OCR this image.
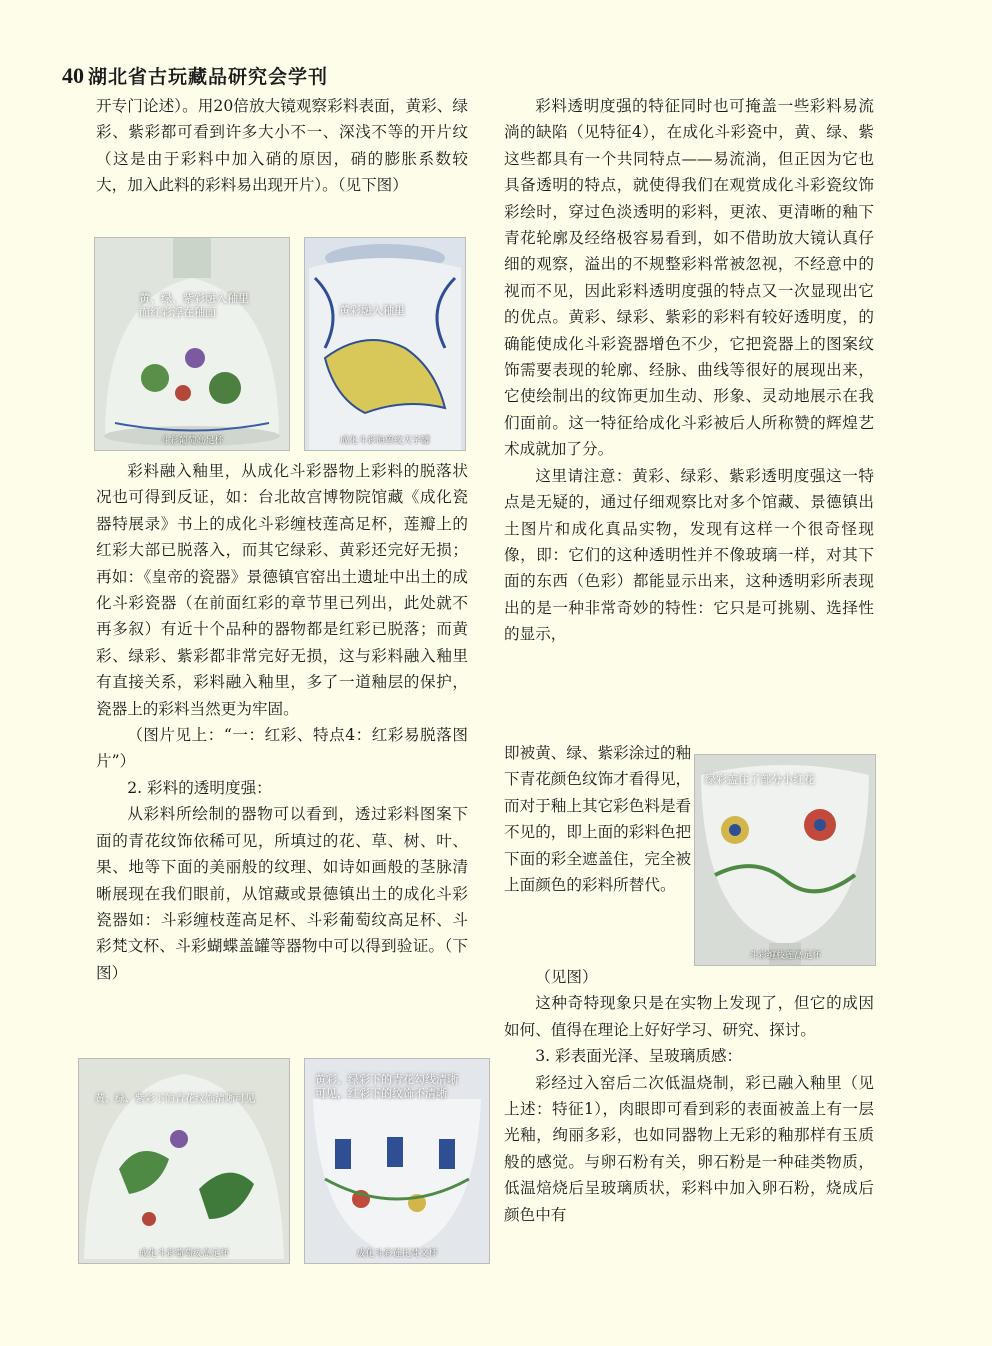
40 湖北省古玩藏品研究会学刊

开专门论述）。用20倍放大镜观察彩料表面，黄彩、绿彩、紫彩都可看到许多大小不一、深浅不等的开片纹（这是由于彩料中加入硝的原因，硝的膨胀系数较大，加入此料的彩料易出现开片）。（见下图）

黄、绿、紫彩融入釉里
而红彩浮在釉面
斗彩葡萄高足杯
黄彩融入釉里
成化斗彩海兽纹天字罐

彩料融入釉里，从成化斗彩器物上彩料的脱落状况也可得到反证，如：台北故宫博物院馆藏《成化瓷器特展录》书上的成化斗彩缠枝莲高足杯，莲瓣上的红彩大部已脱落入，而其它绿彩、黄彩还完好无损；再如：《皇帝的瓷器》景德镇官窑出土遗址中出土的成化斗彩瓷器（在前面红彩的章节里已列出，此处就不再多叙）有近十个品种的器物都是红彩已脱落；而黄彩、绿彩、紫彩都非常完好无损，这与彩料融入釉里有直接关系，彩料融入釉里，多了一道釉层的保护，瓷器上的彩料当然更为牢固。

（图片见上：“一：红彩、特点4：红彩易脱落图片”）

2. 彩料的透明度强：

从彩料所绘制的器物可以看到，透过彩料图案下面的青花纹饰依稀可见，所填过的花、草、树、叶、果、地等下面的美丽般的纹理、如诗如画般的茎脉清晰展现在我们眼前，从馆藏或景德镇出土的成化斗彩瓷器如：斗彩缠枝莲高足杯、斗彩葡萄纹高足杯、斗彩梵文杯、斗彩蝴蝶盖罐等器物中可以得到验证。（下图）

黄、绿、紫彩下的青花纹饰清晰可见
成化斗彩葡萄纹高足杯
黄彩、绿彩下的青花勾线清晰
可见，红彩下的纹饰不清晰
成化斗彩莲托梵文杯

彩料透明度强的特征同时也可掩盖一些彩料易流淌的缺陷（见特征4），在成化斗彩瓷中，黄、绿、紫这些都具有一个共同特点——易流淌，但正因为它也具备透明的特点，就使得我们在观赏成化斗彩瓷纹饰彩绘时，穿过色淡透明的彩料，更浓、更清晰的釉下青花轮廓及经络极容易看到，如不借助放大镜认真仔细的观察，溢出的不规整彩料常被忽视，不经意中的视而不见，因此彩料透明度强的特点又一次显现出它的优点。黄彩、绿彩、紫彩的彩料有较好透明度，的确能使成化斗彩瓷器增色不少，它把瓷器上的图案纹饰需要表现的轮廓、经脉、曲线等很好的展现出来，它使绘制出的纹饰更加生动、形象、灵动地展示在我们面前。这一特征给成化斗彩被后人所称赞的辉煌艺术成就加了分。

这里请注意：黄彩、绿彩、紫彩透明度强这一特点是无疑的，通过仔细观察比对多个馆藏、景德镇出土图片和成化真品实物，发现有这样一个很奇怪现像，即：它们的这种透明性并不像玻璃一样，对其下面的东西（色彩）都能显示出来，这种透明彩所表现出的是一种非常奇妙的特性：它只是可挑剔、选择性的显示，

即被黄、绿、紫彩涂过的釉下青花颜色纹饰才看得见，而对于釉上其它彩色料是看不见的，即上面的彩料色把下面的彩全遮盖住，完全被上面颜色的彩料所替代。

绿彩盖住了部分小红花
斗彩缠枝莲高足杯

（见图）

这种奇特现象只是在实物上发现了，但它的成因如何、值得在理论上好好学习、研究、探讨。

3. 彩表面光泽、呈玻璃质感：

彩经过入窑后二次低温烧制，彩已融入釉里（见上述：特征1），肉眼即可看到彩的表面被盖上有一层光釉，绚丽多彩，也如同器物上无彩的釉那样有玉质般的感觉。与卵石粉有关，卵石粉是一种硅类物质，低温焙烧后呈玻璃质状，彩料中加入卵石粉，烧成后颜色中有
